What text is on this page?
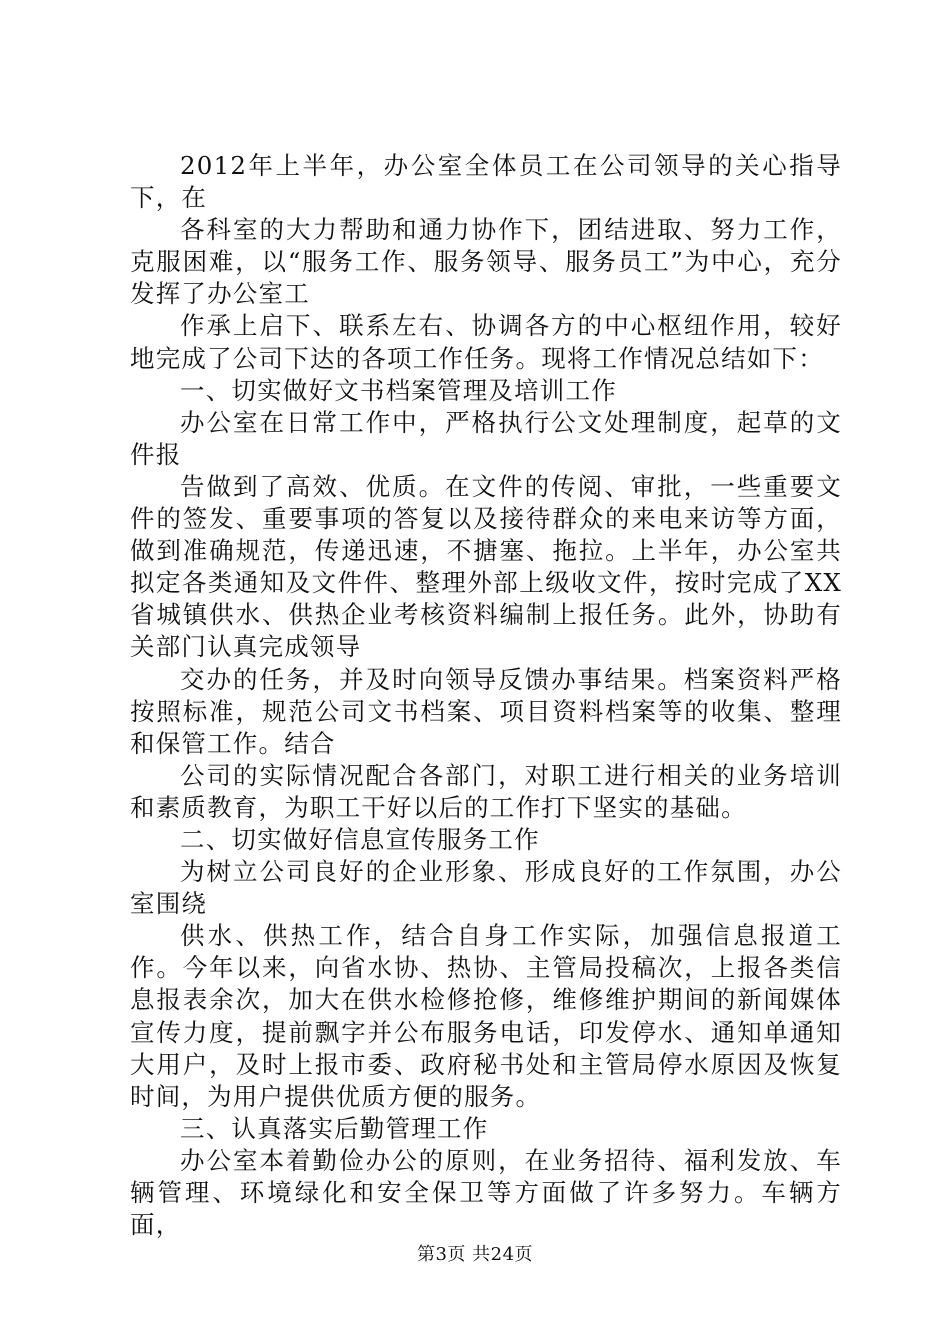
2012年上半年，办公室全体员工在公司领导的关心指导下，在

各科室的大力帮助和通力协作下，团结进取、努力工作，克服困难，以“服务工作、服务领导、服务员工”为中心，充分发挥了办公室工

作承上启下、联系左右、协调各方的中心枢纽作用，较好地完成了公司下达的各项工作任务。现将工作情况总结如下：

一、切实做好文书档案管理及培训工作

办公室在日常工作中，严格执行公文处理制度，起草的文件报

告做到了高效、优质。在文件的传阅、审批，一些重要文件的签发、重要事项的答复以及接待群众的来电来访等方面，做到准确规范，传递迅速，不搪塞、拖拉。上半年，办公室共拟定各类通知及文件件、整理外部上级收文件，按时完成了XX省城镇供水、供热企业考核资料编制上报任务。此外，协助有关部门认真完成领导

交办的任务，并及时向领导反馈办事结果。档案资料严格按照标准，规范公司文书档案、项目资料档案等的收集、整理和保管工作。结合

公司的实际情况配合各部门，对职工进行相关的业务培训和素质教育，为职工干好以后的工作打下坚实的基础。

二、切实做好信息宣传服务工作

为树立公司良好的企业形象、形成良好的工作氛围，办公室围绕

供水、供热工作，结合自身工作实际，加强信息报道工作。今年以来，向省水协、热协、主管局投稿次，上报各类信息报表余次，加大在供水检修抢修，维修维护期间的新闻媒体宣传力度，提前飘字并公布服务电话，印发停水、通知单通知大用户，及时上报市委、政府秘书处和主管局停水原因及恢复时间，为用户提供优质方便的服务。

三、认真落实后勤管理工作

办公室本着勤俭办公的原则，在业务招待、福利发放、车辆管理、环境绿化和安全保卫等方面做了许多努力。车辆方面，

第3页 共24页
